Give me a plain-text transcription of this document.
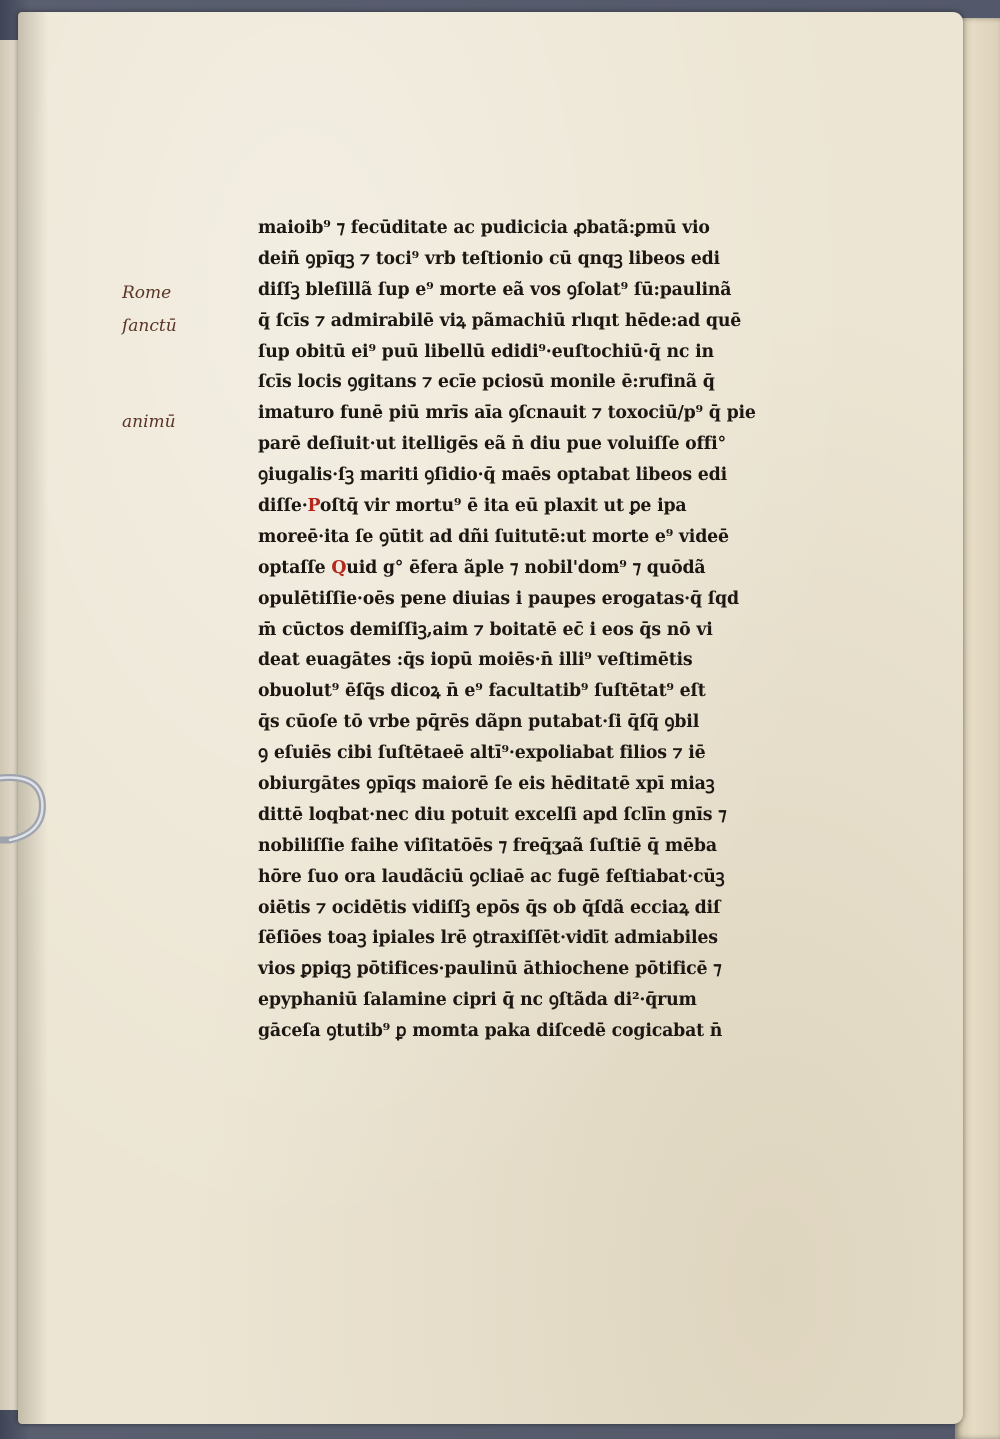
Rome
ſanctū
animū
maioib⁹ ⁊ fecūditate ac pudicicia ꝓbatã:ꝑmū vio
deiñ ꝯpīqꝫ ⁊ toci⁹ vrb teſtionio cū qnqꝫ libeos edi
diſſꝫ bleſillã ſup e⁹ morte eã vos ꝯſolat⁹ ſū:paulinã
q̄ ſcīs ⁊ admirabilē viꝝ pãmachiū rlıqıt hēde:ad quē
ſup obitū ei⁹ puū libellū edidi⁹·euſtochiū·q̄ nc in
ſcīs locis ꝯgitans ⁊ ecīe pciosū monile ē:rufinã q̄
imaturo funē piū mrīs aīa ꝯſcnauit ⁊ toxociū/p⁹ q̄ pie
parē deſiuit·ut itelligēs eã n̄ diu pue voluiſſe offi°
ꝯiugalis·ſꝫ mariti ꝯſidio·q̄ maēs optabat libeos edi
diſſe·Poſtq̄ vir mortu⁹ ē ita eū plaxit ut ꝑe ipa
moreē·ita ſe ꝯūtit ad dñi ſuitutē:ut morte e⁹ videē
optaſſe Quid g° ēfera ãple ⁊ nobil'dom⁹ ⁊ quōdã
opulētiſſie·oēs pene diuias i paupes erogatas·q̄ ſqd
m̄ cūctos demiſſiꝫ,aim ⁊ boitatē ec̄ i eos q̄s nō vi
deat euagātes :q̄s iopū moiēs·n̄ illi⁹ veſtimētis
obuolut⁹ ēſq̄s dicoꝝ n̄ e⁹ facultatib⁹ ſuſtētat⁹ eſt
q̄s cūoſe tō vrbe pq̄rēs dãpn putabat·ſi q̄ſq̄ ꝯbil
ꝯ eſuiēs cibi ſuſtētaeē altī⁹·expoliabat filios ⁊ iē
obiurgātes ꝯpīqs maiorē ſe eis hēditatē xpī miaꝫ
dittē loqbat·nec diu potuit excelſi apd ſclīn gnīs ⁊
nobiliſſie faihe viſitatōēs ⁊ freq̄ʒaã ſuſtiē q̄ mēba
hōre ſuo ora laudãciū ꝯcliaē ac fugē feſtiabat·cūꝫ
oiētis ⁊ ocidētis vidiſſꝫ epōs q̄s ob q̄ſdã ecciaꝝ diſ
ſēſiōes toaꝫ ipiales lrē ꝯtraxiſſēt·vidīt admiabiles
vios ꝑpiqꝫ pōtifices·paulinū āthiochene pōtificē ⁊
epyphaniū ſalamine cipri q̄ nc ꝯſtãda di²·q̄rum
gāceſa ꝯtutib⁹ ꝑ momta paka diſcedē cogicabat n̄
